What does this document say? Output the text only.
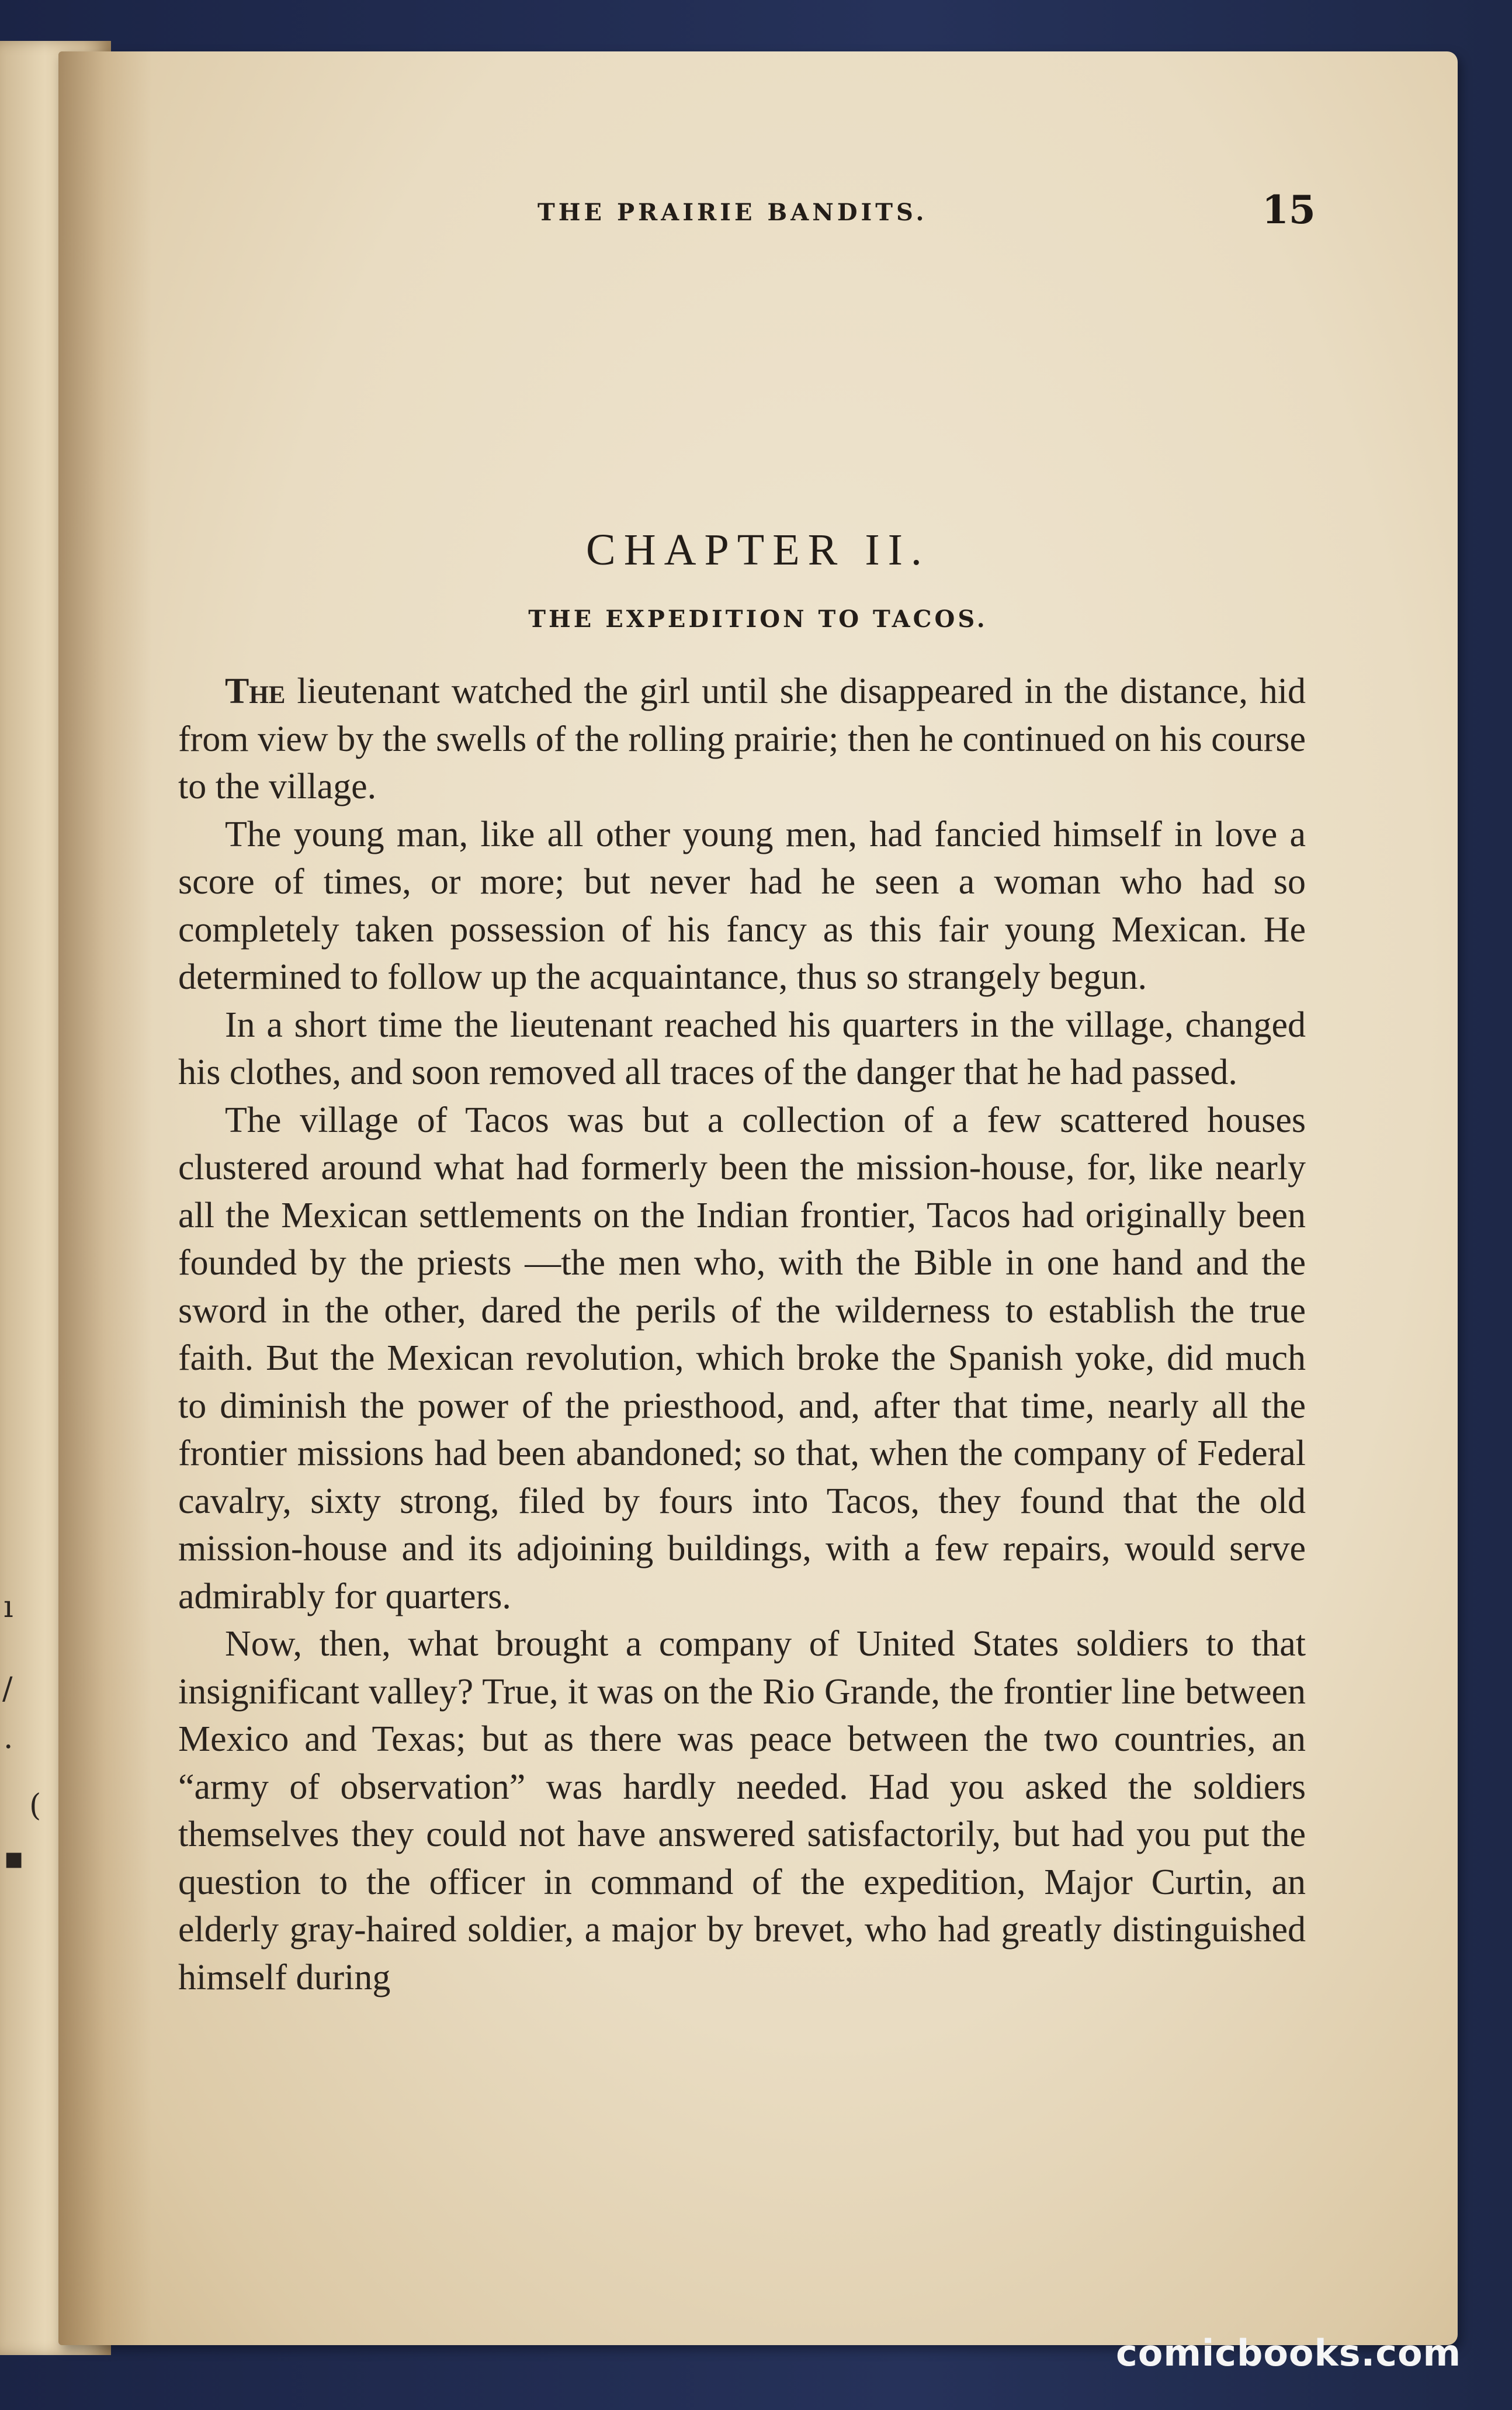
ı
/
·
(
▪
THE PRAIRIE BANDITS.	15
CHAPTER II.
THE EXPEDITION TO TACOS.

The lieutenant watched the girl until she disappeared in the distance, hid from view by the swells of the rolling prairie; then he continued on his course to the village.

The young man, like all other young men, had fancied himself in love a score of times, or more; but never had he seen a woman who had so completely taken possession of his fancy as this fair young Mexican. He determined to follow up the acquaintance, thus so strangely begun.

In a short time the lieutenant reached his quarters in the village, changed his clothes, and soon removed all traces of the danger that he had passed.

The village of Tacos was but a collection of a few scattered houses clustered around what had formerly been the mission-house, for, like nearly all the Mexican settlements on the Indian frontier, Tacos had originally been founded by the priests —the men who, with the Bible in one hand and the sword in the other, dared the perils of the wilderness to establish the true faith. But the Mexican revolution, which broke the Spanish yoke, did much to diminish the power of the priesthood, and, after that time, nearly all the frontier missions had been abandoned; so that, when the company of Federal cavalry, sixty strong, filed by fours into Tacos, they found that the old mission-house and its adjoining buildings, with a few repairs, would serve admirably for quarters.

Now, then, what brought a company of United States soldiers to that insignificant valley? True, it was on the Rio Grande, the frontier line between Mexico and Texas; but as there was peace between the two countries, an “army of observation” was hardly needed. Had you asked the soldiers themselves they could not have answered satisfactorily, but had you put the question to the officer in command of the expedition, Major Curtin, an elderly gray-haired soldier, a major by brevet, who had greatly distinguished himself during

comicbooks.com
